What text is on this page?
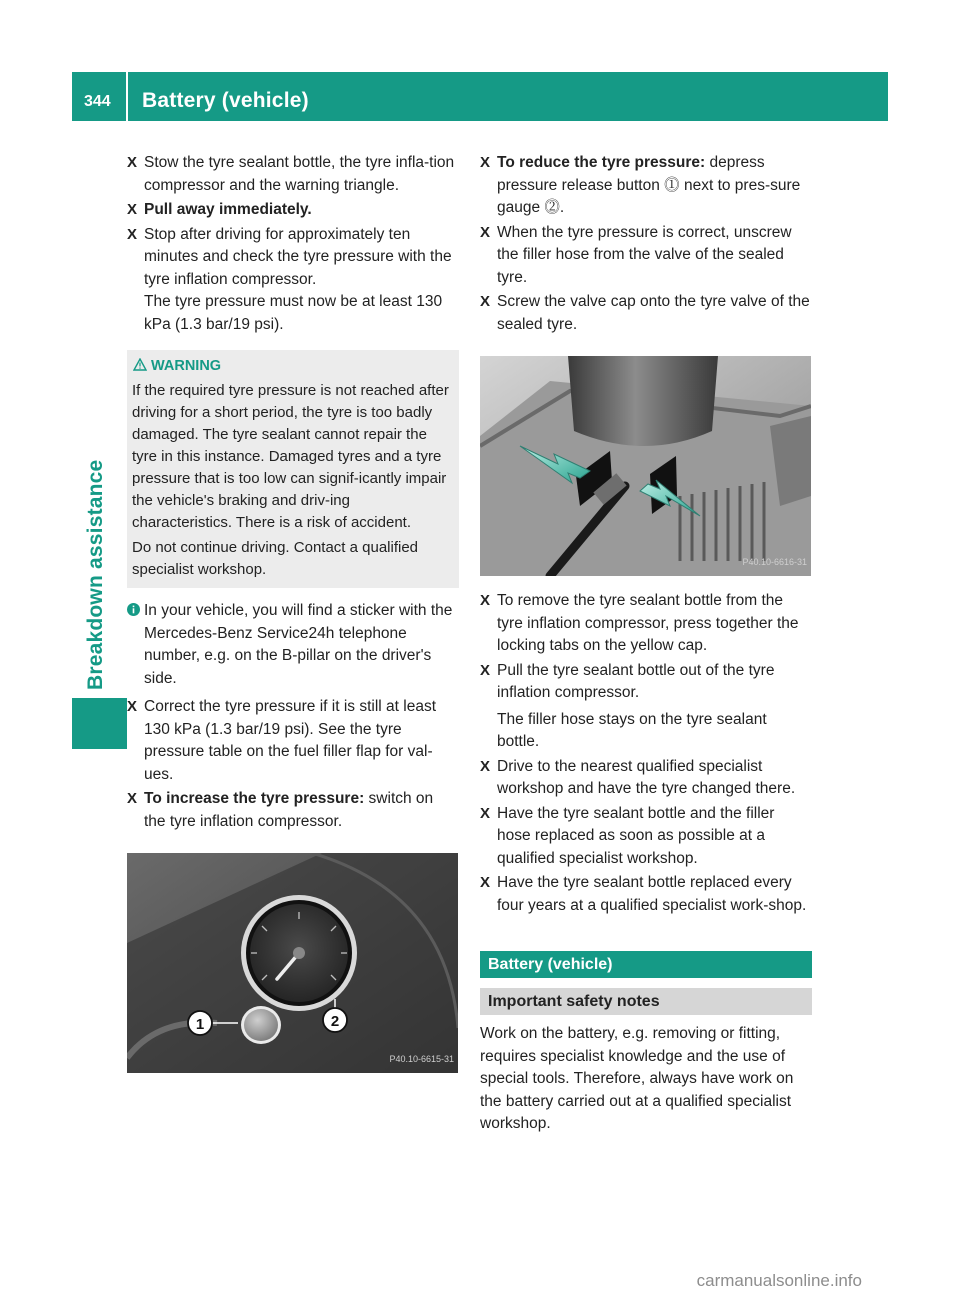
344 Battery (vehicle)
Breakdown assistance
X Stow the tyre sealant bottle, the tyre infla-tion compressor and the warning triangle.
X Pull away immediately.
X Stop after driving for approximately ten minutes and check the tyre pressure with the tyre inflation compressor.
The tyre pressure must now be at least 130 kPa (1.3 bar/19 psi).
WARNING
If the required tyre pressure is not reached after driving for a short period, the tyre is too badly damaged. The tyre sealant cannot repair the tyre in this instance. Damaged tyres and a tyre pressure that is too low can signif-icantly impair the vehicle's braking and driv-ing characteristics. There is a risk of accident.
Do not continue driving. Contact a qualified specialist workshop.
In your vehicle, you will find a sticker with the Mercedes-Benz Service24h telephone number, e.g. on the B-pillar on the driver's side.
X Correct the tyre pressure if it is still at least 130 kPa (1.3 bar/19 psi). See the tyre pressure table on the fuel filler flap for val-ues.
X To increase the tyre pressure: switch on the tyre inflation compressor.
1	2
P40.10-6615-31
X To reduce the tyre pressure: depress pressure release button ⓵ next to pres-sure gauge ⓶.
X When the tyre pressure is correct, unscrew the filler hose from the valve of the sealed tyre.
X Screw the valve cap onto the tyre valve of the sealed tyre.
P40.10-6616-31
X To remove the tyre sealant bottle from the tyre inflation compressor, press together the locking tabs on the yellow cap.
X Pull the tyre sealant bottle out of the tyre inflation compressor.
The filler hose stays on the tyre sealant bottle.
X Drive to the nearest qualified specialist workshop and have the tyre changed there.
X Have the tyre sealant bottle and the filler hose replaced as soon as possible at a qualified specialist workshop.
X Have the tyre sealant bottle replaced every four years at a qualified specialist work-shop.
Battery (vehicle)
Important safety notes
Work on the battery, e.g. removing or fitting, requires specialist knowledge and the use of special tools. Therefore, always have work on the battery carried out at a qualified specialist workshop.
carmanualsonline.info
